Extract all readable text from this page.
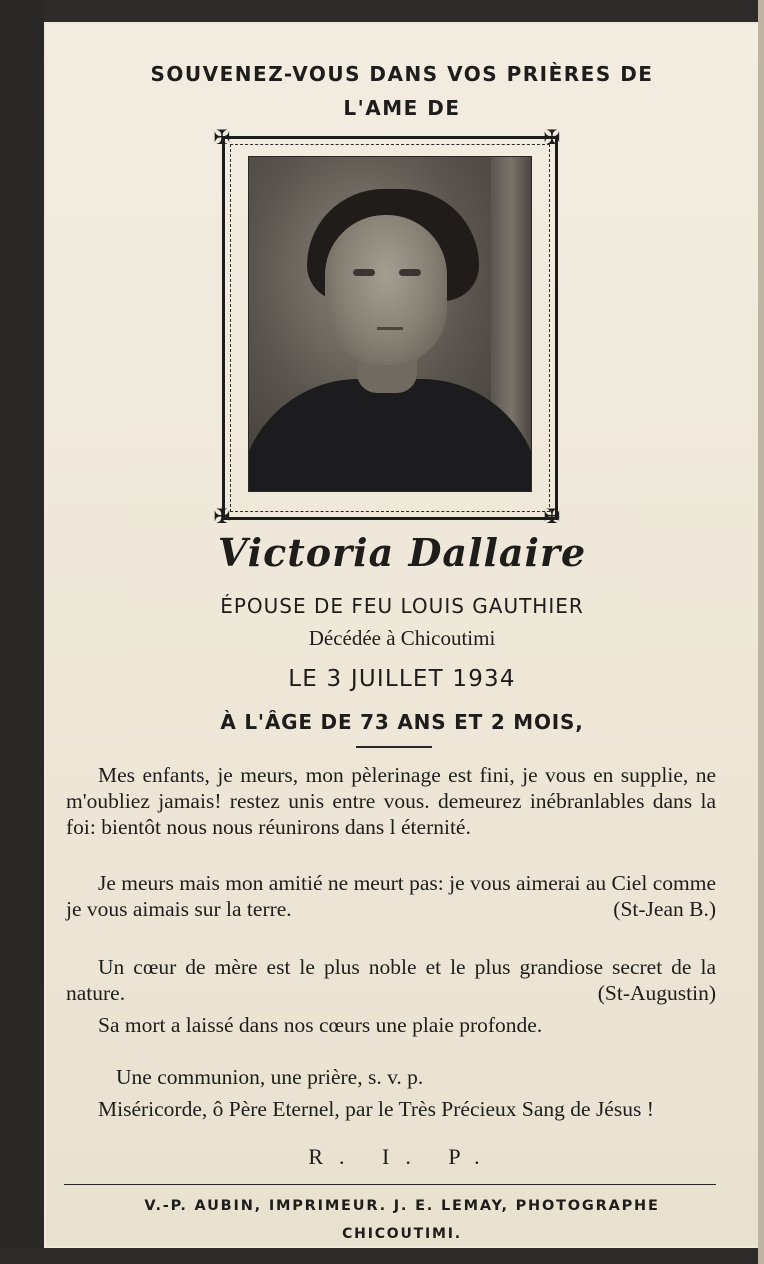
SOUVENEZ-VOUS DANS VOS PRIÈRES DE
L'AME DE
✠	✠
✠	✠
Victoria Dallaire
ÉPOUSE DE FEU LOUIS GAUTHIER
Décédée à Chicoutimi
LE 3 JUILLET 1934
À L'ÂGE DE 73 ANS ET 2 MOIS,
Mes enfants, je meurs, mon pèlerinage est fini, je vous en supplie, ne m'oubliez jamais! restez unis entre vous. demeurez inébranlables dans la foi: bientôt nous nous réunirons dans l éternité.
Je meurs mais mon amitié ne meurt pas: je vous aimerai au Ciel comme je vous aimais sur la terre.	(St-Jean B.)
Un cœur de mère est le plus noble et le plus grandiose secret de la nature.	(St-Augustin)
Sa mort a laissé dans nos cœurs une plaie profonde.
Une communion, une prière, s. v. p.
Miséricorde, ô Père Eternel, par le Très Précieux Sang de Jésus !
R. I. P.
V.-P. AUBIN, IMPRIMEUR. J. E. LEMAY, PHOTOGRAPHE
CHICOUTIMI.
